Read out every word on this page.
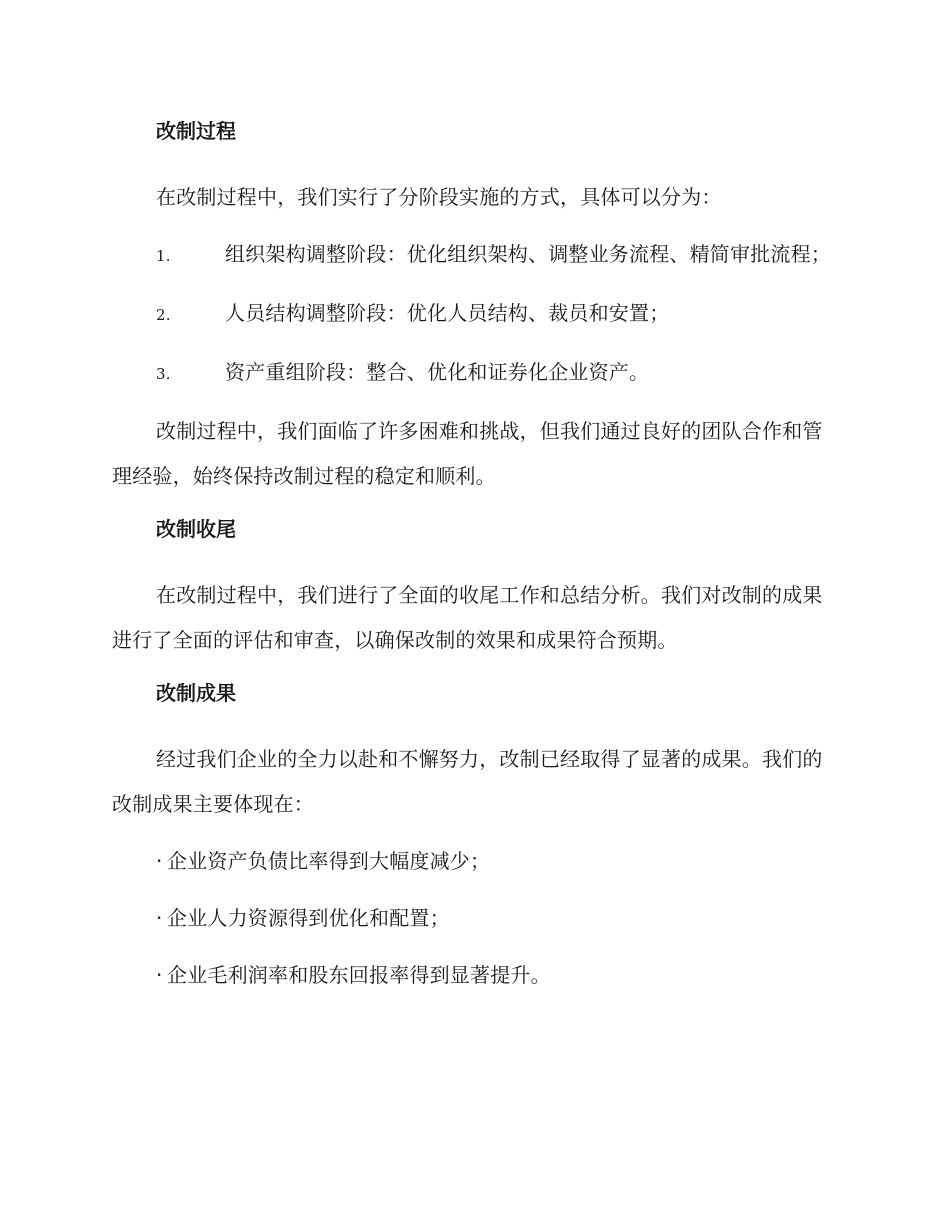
改制过程

在改制过程中，我们实行了分阶段实施的方式，具体可以分为：

1.	组织架构调整阶段：优化组织架构、调整业务流程、精简审批流程；
2.	人员结构调整阶段：优化人员结构、裁员和安置；
3.	资产重组阶段：整合、优化和证券化企业资产。

改制过程中，我们面临了许多困难和挑战，但我们通过良好的团队合作和管理经验，始终保持改制过程的稳定和顺利。

改制收尾

在改制过程中，我们进行了全面的收尾工作和总结分析。我们对改制的成果进行了全面的评估和审查，以确保改制的效果和成果符合预期。

改制成果

经过我们企业的全力以赴和不懈努力，改制已经取得了显著的成果。我们的改制成果主要体现在：

· 企业资产负债比率得到大幅度减少；
· 企业人力资源得到优化和配置；
· 企业毛利润率和股东回报率得到显著提升。
